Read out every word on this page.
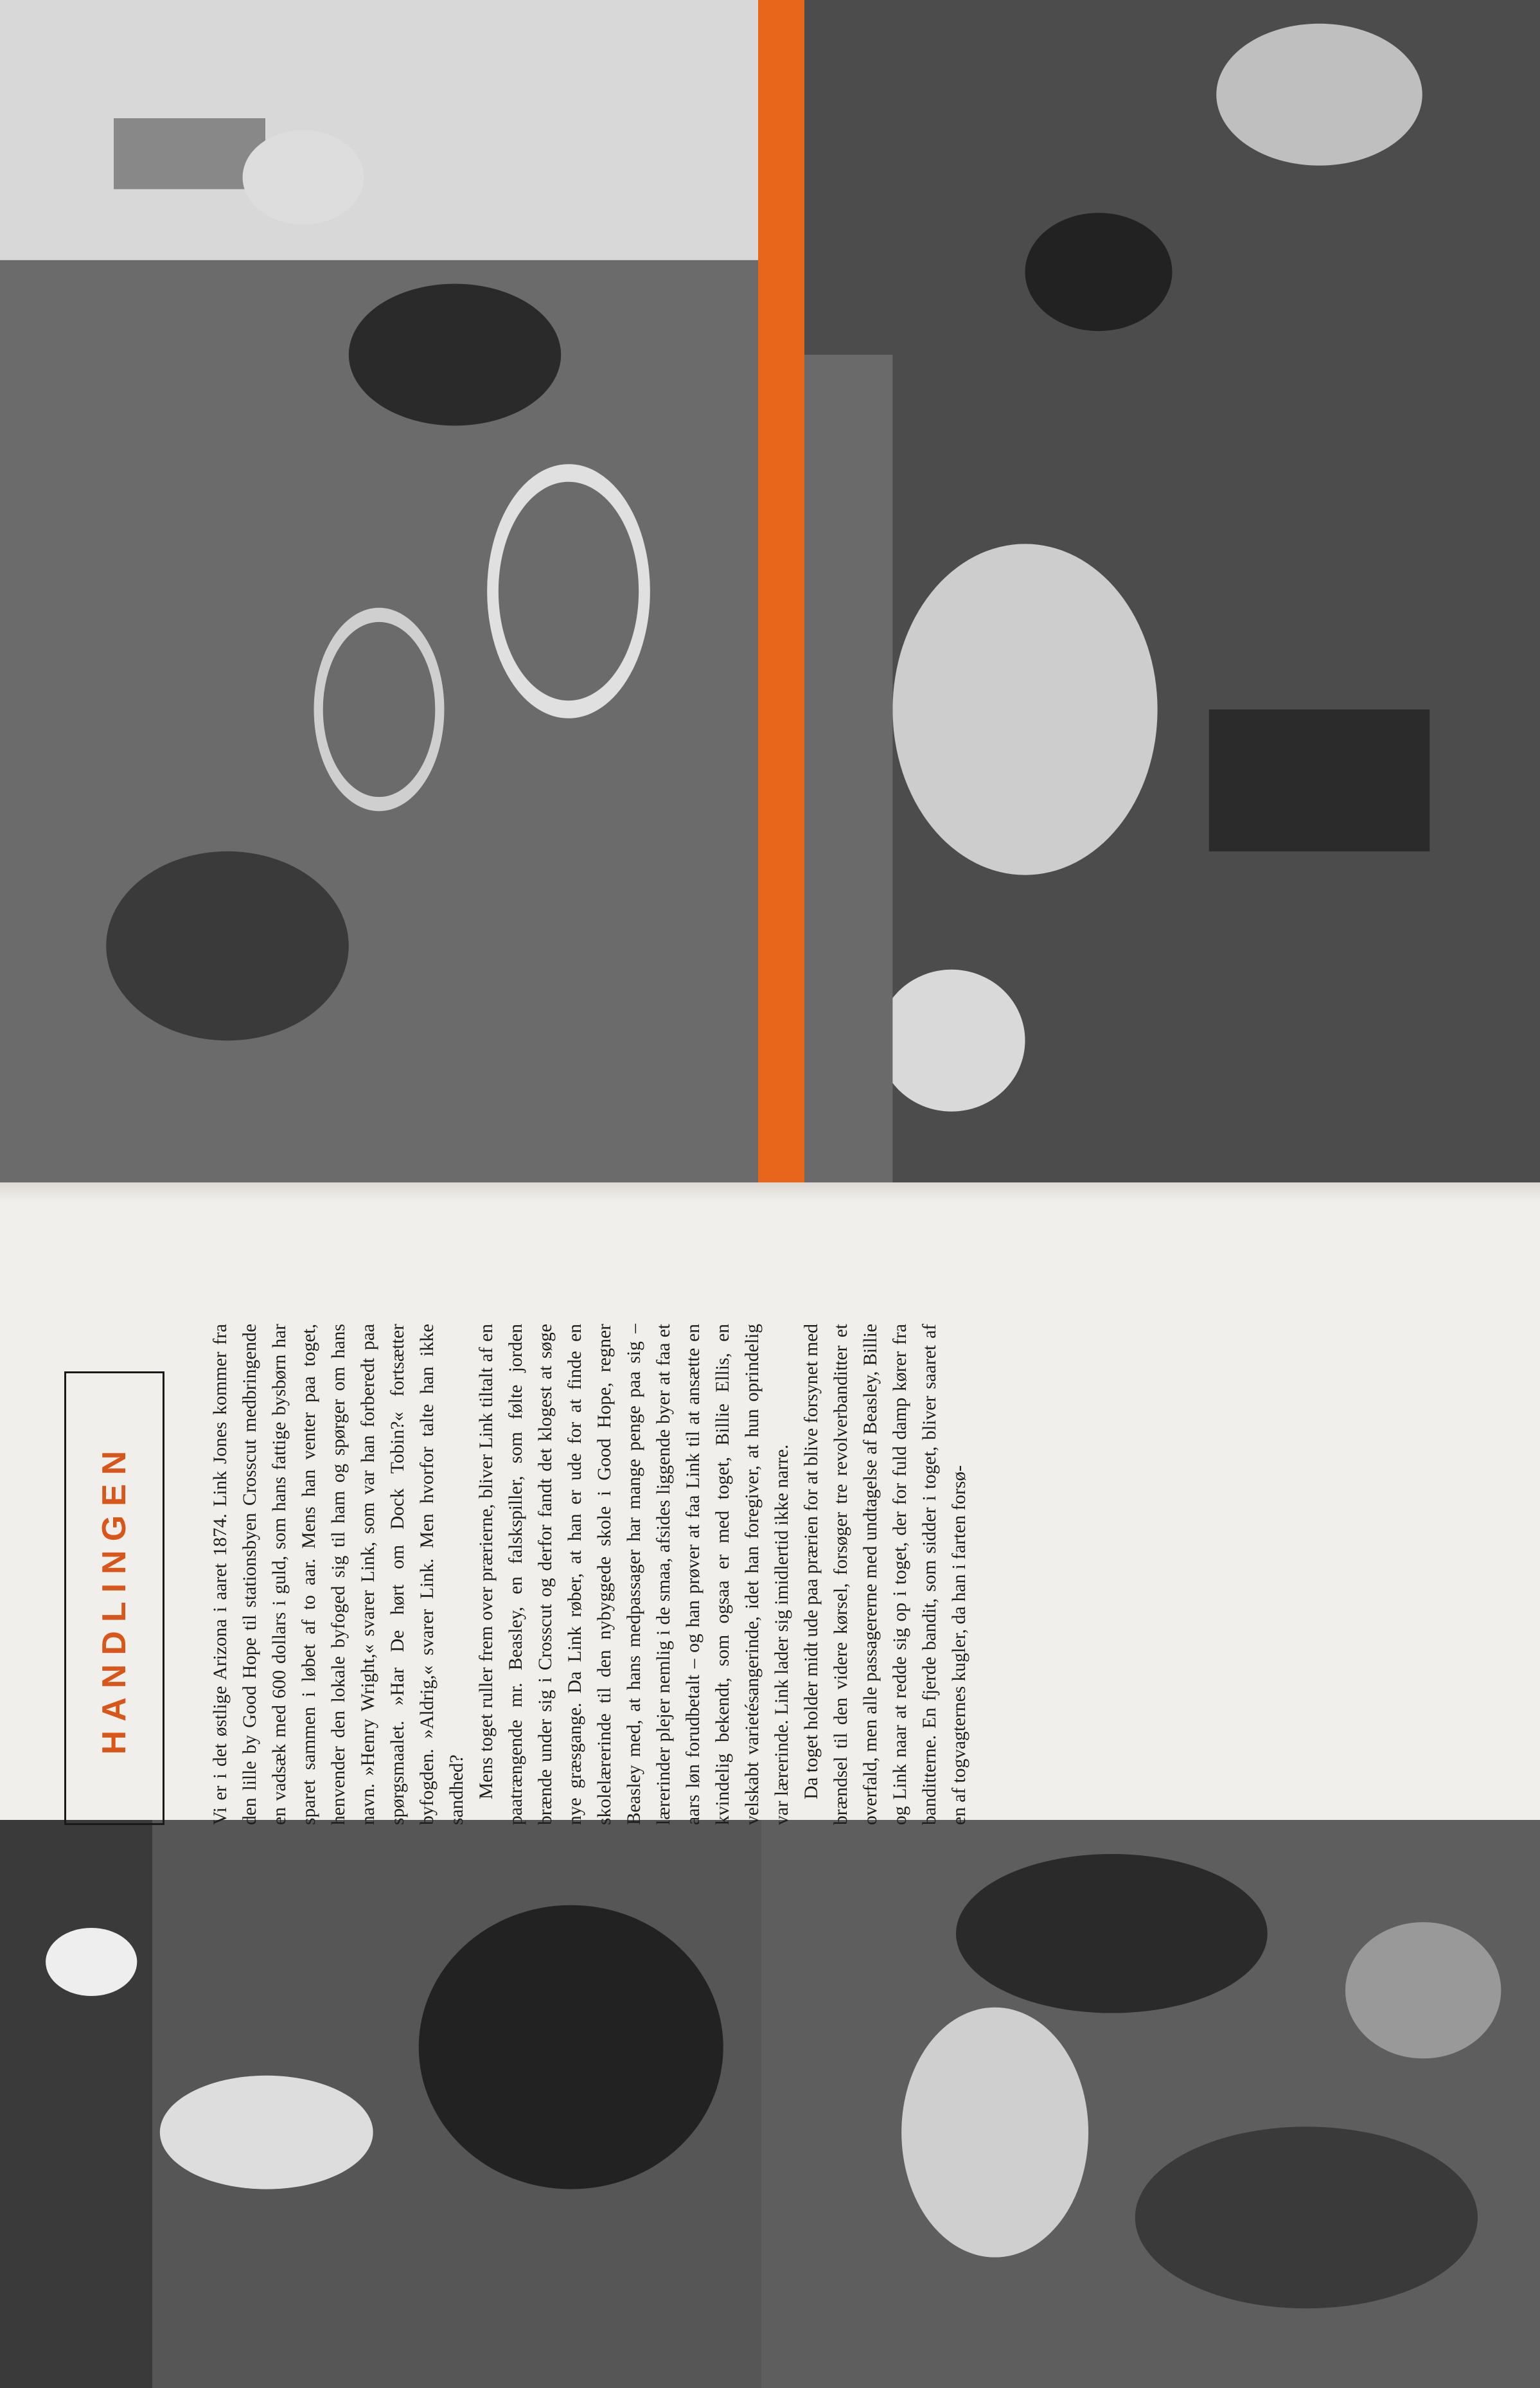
HANDLINGEN	Vi er i det østlige Arizona i aaret 1874. Link Jones kommer fra den lille by Good Hope til stationsbyen Crosscut medbringende en vadsæk med 600 dollars i guld, som hans fattige bysbørn har sparet sammen i løbet af to aar. Mens han venter paa toget, henvender den lokale byfoged sig til ham og spørger om hans navn. »Henry Wright,« svarer Link, som var han forberedt paa spørgsmaalet. »Har De hørt om Dock Tobin?« fortsætter byfogden. »Aldrig,« svarer Link. Men hvorfor talte han ikke sandhed? Mens toget ruller frem over prærierne, bliver Link tiltalt af en paatrængende mr. Beasley, en falskspiller, som følte jorden brænde under sig i Crosscut og derfor fandt det klogest at søge nye græsgange. Da Link røber, at han er ude for at finde en skolelærerinde til den nybyggede skole i Good Hope, regner Beasley med, at hans medpassager har mange penge paa sig – lærerinder plejer nemlig i de smaa, afsides liggende byer at faa et aars løn forudbetalt – og han prøver at faa Link til at ansætte en kvindelig bekendt, som ogsaa er med toget, Billie Ellis, en velskabt varietésangerinde, idet han foregiver, at hun oprindelig var lærerinde. Link lader sig imidlertid ikke narre. Da toget holder midt ude paa prærien for at blive forsynet med brændsel til den videre kørsel, forsøger tre revolverbanditter et overfald, men alle passagererne med undtagelse af Beasley, Billie og Link naar at redde sig op i toget, der for fuld damp kører fra banditterne. En fjerde bandit, som sidder i toget, bliver saaret af en af togvagternes kugler, da han i farten forsø-
